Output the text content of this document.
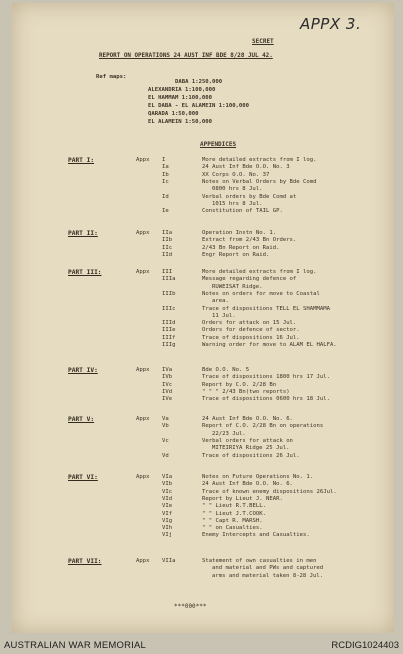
APPX 3.
SECRET
REPORT ON OPERATIONS 24 AUST INF BDE 8/28 JUL 42.
Ref maps:
DABA 1:250,000
ALEXANDRIA 1:100,000
EL HAMMAM 1:100,000
EL DABA - EL ALAMEIN 1:100,000
QARADA 1:50,000
EL ALAMEIN 1:50,000
APPENDICES
PART I:	Appx I	More detailed extracts from I log.
Ia	24 Aust Inf Bde O.O. No. 3
Ib	XX Corps O.O. No. 37
Ic	Notes on Verbal Orders by Bde Comd
0800 hrs 8 Jul.
Id	Verbal orders by Bde Comd at
1015 hrs 8 Jul.
Ie	Constitution of TAIL GP.
PART II:	Appx IIa	Operation Instn No. 1.
IIb	Extract from 2/43 Bn Orders.
IIc	2/43 Bn Report on Raid.
IId	Engr Report on Raid.
PART III:	Appx III	More detailed extracts from I log.
IIIa	Message regarding defence of
RUWEISAT Ridge.
IIIb	Notes on orders for move to Coastal
area.
IIIc	Trace of dispositions TELL EL SHAMMAMA
11 Jul.
IIId	Orders for attack on 15 Jul.
IIIe	Orders for defence of sector.
IIIf	Trace of dispositions 16 Jul.
IIIg	Warning order for move to ALAM EL HALFA.
PART IV:	Appx IVa	Bde O.O. No. 5
IVb	Trace of dispositions 1800 hrs 17 Jul.
IVc	Report by C.O. 2/28 Bn
IVd	" " " 2/43 Bn(two reports)
IVe	Trace of dispositions 0600 hrs 18 Jul.
PART V:	Appx Va	24 Aust Inf Bde O.O. No. 6.
Vb	Report of C.O. 2/28 Bn on operations
22/23 Jul.
Vc	Verbal orders for attack on
MITEIRIYA Ridge 25 Jul.
Vd	Trace of dispositions 26 Jul.
PART VI:	Appx VIa	Notes on Future Operations No. 1.
VIb	24 Aust Inf Bde O.O. No. 6.
VIc	Trace of known enemy dispositions 26Jul.
VId	Report by Lieut J. NEAR.
VIe	" " Lieut R.T.BELL.
VIf	" " Lieut J.T.COOK.
VIg	" " Capt R. MARSH.
VIh	" " on Casualties.
VIj	Enemy Intercepts and Casualties.
PART VII:	Appx VIIa	Statement of own casualties in men
and material and PWs and captured
arms and material taken 8-28 Jul.
***000***
AUSTRALIAN WAR MEMORIAL	RCDIG1024403
